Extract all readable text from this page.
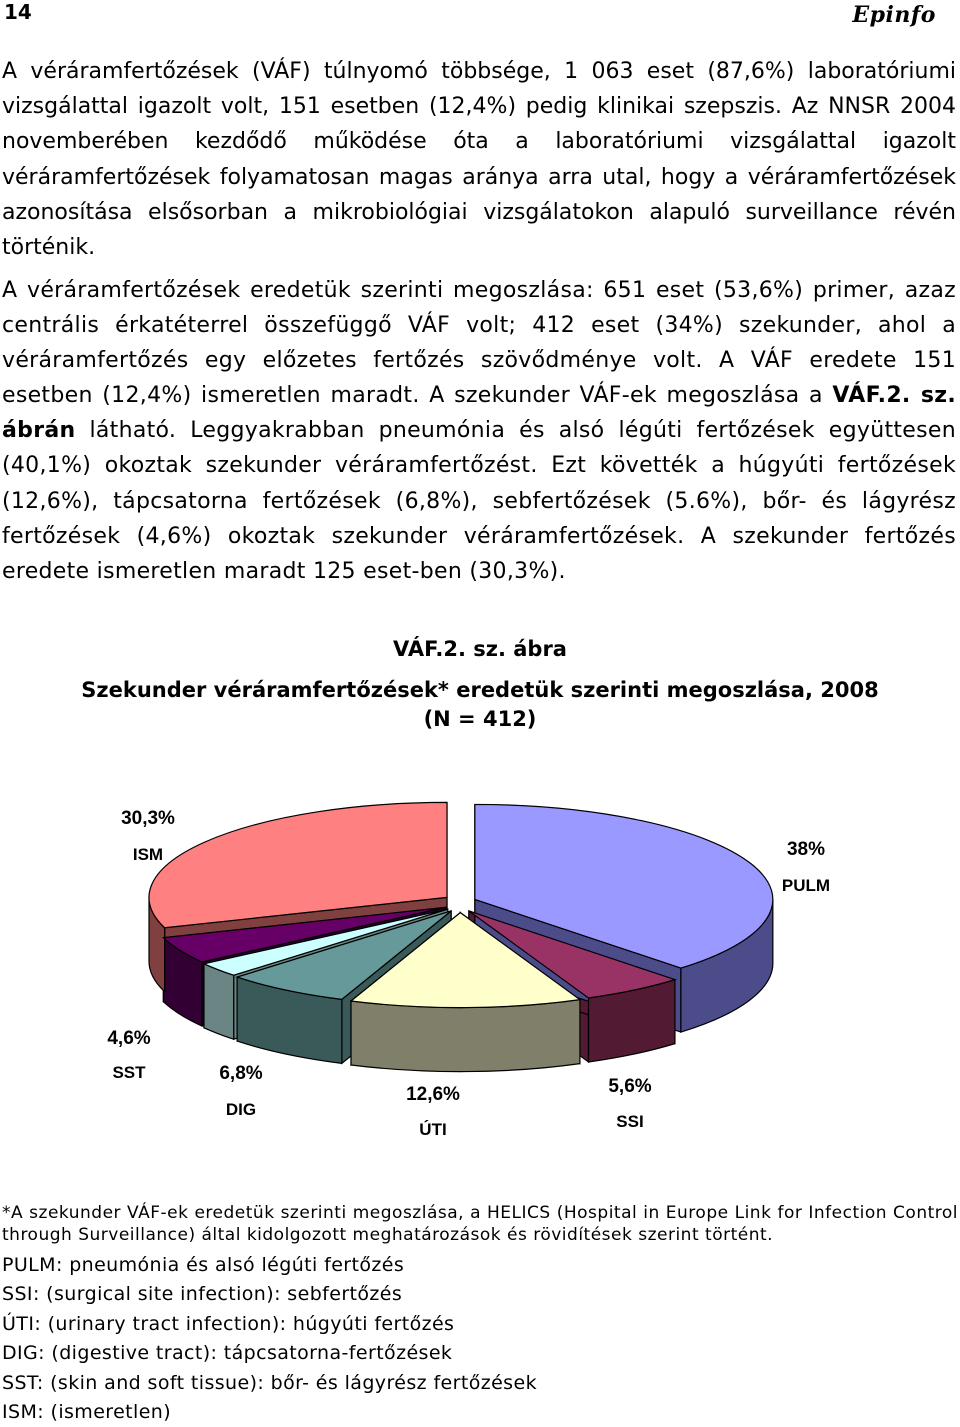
14	Epinfo
A véráramfertőzések (VÁF) túlnyomó többsége, 1 063 eset (87,6%) laboratóriumi vizsgálattal igazolt volt, 151 esetben (12,4%) pedig klinikai szepszis. Az NNSR 2004 novemberében kezdődő működése óta a laboratóriumi vizsgálattal igazolt véráramfertőzések folyamatosan magas aránya arra utal, hogy a véráramfertőzések azonosítása elsősorban a mikrobiológiai vizsgálatokon alapuló surveillance révén történik.
A véráramfertőzések eredetük szerinti megoszlása: 651 eset (53,6%) primer, azaz centrális érkatéterrel összefüggő VÁF volt; 412 eset (34%) szekunder, ahol a véráramfertőzés egy előzetes fertőzés szövődménye volt. A VÁF eredete 151 esetben (12,4%) ismeretlen maradt. A szekunder VÁF-ek megoszlása a VÁF.2. sz. ábrán látható. Leggyakrabban pneumónia és alsó légúti fertőzések együttesen (40,1%) okoztak szekunder véráramfertőzést. Ezt követték a húgyúti fertőzések (12,6%), tápcsatorna fertőzések (6,8%), sebfertőzések (5.6%), bőr- és lágyrész fertőzések (4,6%) okoztak szekunder véráramfertőzések. A szekunder fertőzés eredete ismeretlen maradt 125 eset-ben (30,3%).
VÁF.2. sz. ábra
Szekunder véráramfertőzések* eredetük szerinti megoszlása, 2008
(N = 412)
30,3%
ISM	38%
PULM
4,6%
SST	6,8%
DIG
12,6%
ÚTI
5,6%
SSI
*A szekunder VÁF-ek eredetük szerinti megoszlása, a HELICS (Hospital in Europe Link for Infection Control through Surveillance) által kidolgozott meghatározások és rövidítések szerint történt.
PULM: pneumónia és alsó légúti fertőzés
SSI: (surgical site infection): sebfertőzés
ÚTI: (urinary tract infection): húgyúti fertőzés
DIG: (digestive tract): tápcsatorna-fertőzések
SST: (skin and soft tissue): bőr- és lágyrész fertőzések
ISM: (ismeretlen)
